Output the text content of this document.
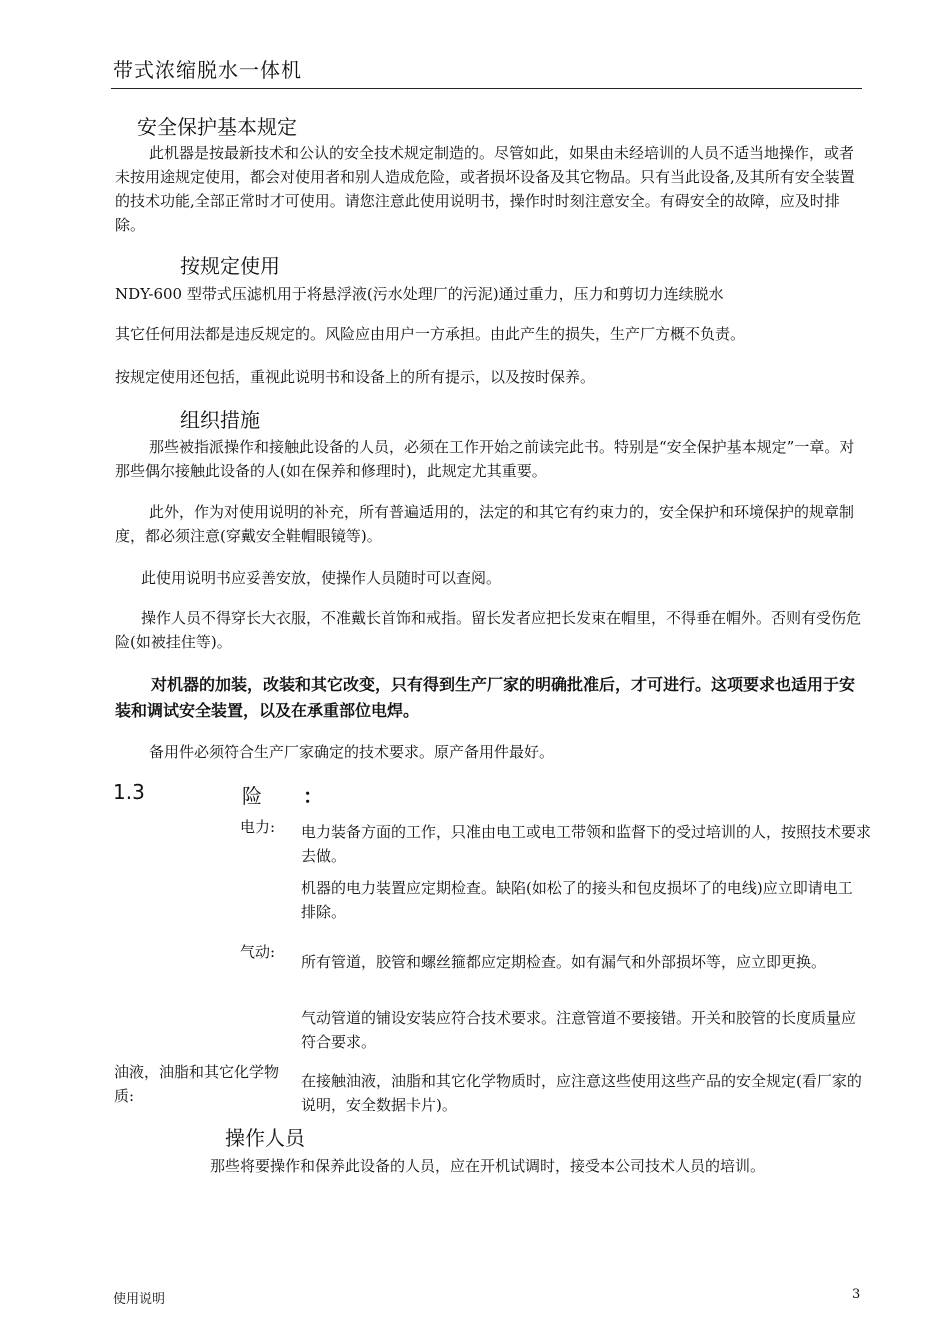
带式浓缩脱水一体机
安全保护基本规定
此机器是按最新技术和公认的安全技术规定制造的。尽管如此，如果由未经培训的人员不适当地操作，或者未按用途规定使用，都会对使用者和别人造成危险，或者损坏设备及其它物品。只有当此设备,及其所有安全装置的技术功能,全部正常时才可使用。请您注意此使用说明书，操作时时刻注意安全。有碍安全的故障，应及时排除。
按规定使用
NDY-600 型带式压滤机用于将悬浮液(污水处理厂的污泥)通过重力，压力和剪切力连续脱水
其它任何用法都是违反规定的。风险应由用户一方承担。由此产生的损失，生产厂方概不负责。
按规定使用还包括，重视此说明书和设备上的所有提示，以及按时保养。
组织措施
那些被指派操作和接触此设备的人员，必须在工作开始之前读完此书。特别是“安全保护基本规定”一章。对那些偶尔接触此设备的人(如在保养和修理时)，此规定尤其重要。
此外，作为对使用说明的补充，所有普遍适用的，法定的和其它有约束力的，安全保护和环境保护的规章制度，都必须注意(穿戴安全鞋帽眼镜等)。
此使用说明书应妥善安放，使操作人员随时可以查阅。
操作人员不得穿长大衣服，不准戴长首饰和戒指。留长发者应把长发束在帽里，不得垂在帽外。否则有受伤危险(如被挂住等)。
对机器的加装，改装和其它改变，只有得到生产厂家的明确批准后，才可进行。这项要求也适用于安装和调试安全装置，以及在承重部位电焊。
备用件必须符合生产厂家确定的技术要求。原产备用件最好。
1.3	险 ：
电力: 电力装备方面的工作，只准由电工或电工带领和监督下的受过培训的人，按照技术要求去做。
机器的电力装置应定期检查。缺陷(如松了的接头和包皮损坏了的电线)应立即请电工排除。
气动:
所有管道，胶管和螺丝箍都应定期检查。如有漏气和外部损坏等，应立即更换。
气动管道的铺设安装应符合技术要求。注意管道不要接错。开关和胶管的长度质量应符合要求。
油液，油脂和其它化学物质:
在接触油液，油脂和其它化学物质时，应注意这些使用这些产品的安全规定(看厂家的说明，安全数据卡片)。
操作人员
那些将要操作和保养此设备的人员，应在开机试调时，接受本公司技术人员的培训。
使用说明	3
